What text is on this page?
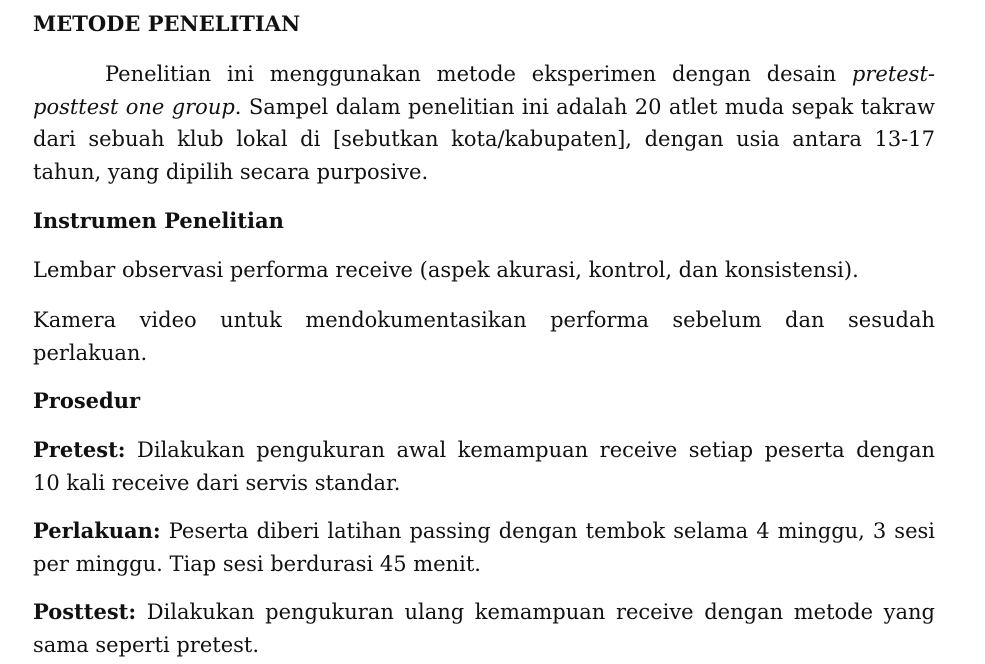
METODE PENELITIAN
Penelitian ini menggunakan metode eksperimen dengan desain pretest-
posttest one group. Sampel dalam penelitian ini adalah 20 atlet muda sepak takraw
dari sebuah klub lokal di [sebutkan kota/kabupaten], dengan usia antara 13-17
tahun, yang dipilih secara purposive.
Instrumen Penelitian
Lembar observasi performa receive (aspek akurasi, kontrol, dan konsistensi).
Kamera video untuk mendokumentasikan performa sebelum dan sesudah
perlakuan.
Prosedur
Pretest: Dilakukan pengukuran awal kemampuan receive setiap peserta dengan
10 kali receive dari servis standar.
Perlakuan: Peserta diberi latihan passing dengan tembok selama 4 minggu, 3 sesi
per minggu. Tiap sesi berdurasi 45 menit.
Posttest: Dilakukan pengukuran ulang kemampuan receive dengan metode yang
sama seperti pretest.
